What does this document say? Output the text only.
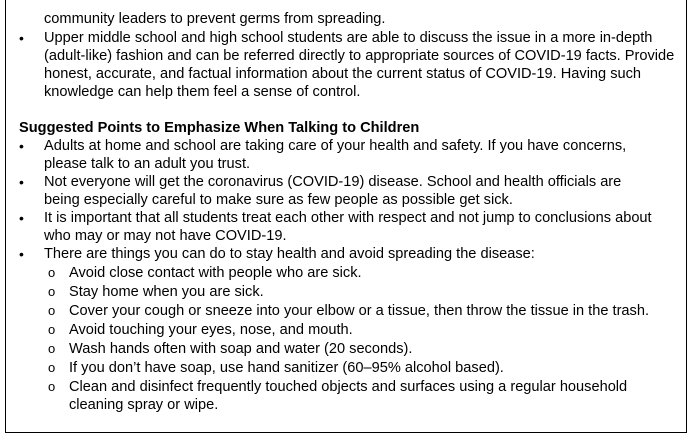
community leaders to prevent germs from spreading.
• Upper middle school and high school students are able to discuss the issue in a more in-depth
(adult-like) fashion and can be referred directly to appropriate sources of COVID-19 facts. Provide
honest, accurate, and factual information about the current status of COVID-19. Having such
knowledge can help them feel a sense of control.
Suggested Points to Emphasize When Talking to Children
• Adults at home and school are taking care of your health and safety. If you have concerns,
please talk to an adult you trust.
• Not everyone will get the coronavirus (COVID-19) disease. School and health officials are
being especially careful to make sure as few people as possible get sick.
• It is important that all students treat each other with respect and not jump to conclusions about
who may or may not have COVID-19.
• There are things you can do to stay health and avoid spreading the disease:
o Avoid close contact with people who are sick.
o Stay home when you are sick.
o Cover your cough or sneeze into your elbow or a tissue, then throw the tissue in the trash.
o Avoid touching your eyes, nose, and mouth.
o Wash hands often with soap and water (20 seconds).
o If you don’t have soap, use hand sanitizer (60–95% alcohol based).
o Clean and disinfect frequently touched objects and surfaces using a regular household
cleaning spray or wipe.
